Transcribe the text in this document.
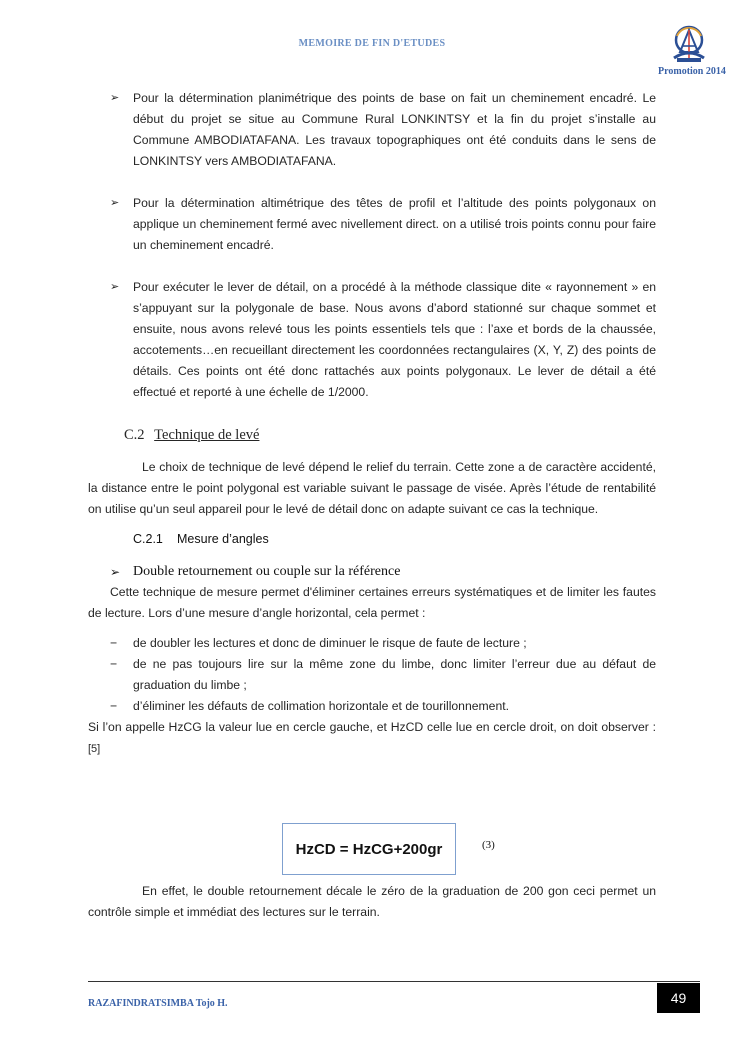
MEMOIRE DE FIN D'ETUDES
Promotion 2014
➢ Pour la détermination planimétrique des points de base on fait un cheminement encadré. Le début du projet se situe au Commune Rural LONKINTSY et la fin du projet s’installe au Commune AMBODIATAFANA. Les travaux topographiques ont été conduits dans le sens de LONKINTSY vers AMBODIATAFANA.
➢ Pour la détermination altimétrique des têtes de profil et l’altitude des points polygonaux on applique un cheminement fermé avec nivellement direct. on a utilisé trois points connu pour faire un cheminement encadré.
➢ Pour exécuter le lever de détail, on a procédé à la méthode classique dite « rayonnement » en s’appuyant sur la polygonale de base. Nous avons d’abord stationné sur chaque sommet et ensuite, nous avons relevé tous les points essentiels tels que : l’axe et bords de la chaussée, accotements…en recueillant directement les coordonnées rectangulaires (X, Y, Z) des points de détails. Ces points ont été donc rattachés aux points polygonaux. Le lever de détail a été effectué et reporté à une échelle de 1/2000.
C.2 Technique de levé
Le choix de technique de levé dépend le relief du terrain. Cette zone a de caractère accidenté, la distance entre le point polygonal est variable suivant le passage de visée. Après l’étude de rentabilité on utilise qu’un seul appareil pour le levé de détail donc on adapte suivant ce cas la technique.
C.2.1 Mesure d’angles
➢ Double retournement ou couple sur la référence
Cette technique de mesure permet d'éliminer certaines erreurs systématiques et de limiter les fautes de lecture. Lors d’une mesure d’angle horizontal, cela permet :
− de doubler les lectures et donc de diminuer le risque de faute de lecture ;
− de ne pas toujours lire sur la même zone du limbe, donc limiter l’erreur due au défaut de graduation du limbe ;
− d’éliminer les défauts de collimation horizontale et de tourillonnement.
Si l’on appelle HzCG la valeur lue en cercle gauche, et HzCD celle lue en cercle droit, on doit observer : [5]
HzCD = HzCG+200gr	(3)
En effet, le double retournement décale le zéro de la graduation de 200 gon ceci permet un contrôle simple et immédiat des lectures sur le terrain.
RAZAFINDRATSIMBA Tojo H.	49
